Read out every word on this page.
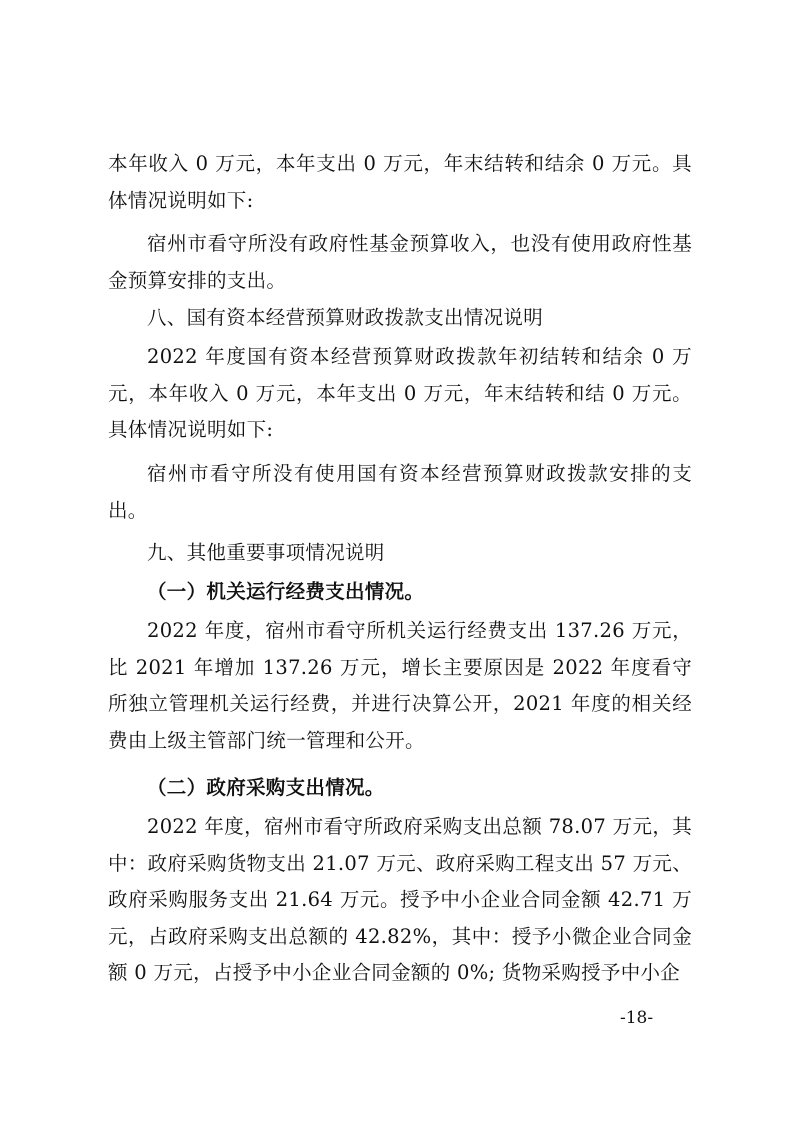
本年收入 0 万元，本年支出 0 万元，年末结转和结余 0 万元。具体情况说明如下:
宿州市看守所没有政府性基金预算收入，也没有使用政府性基金预算安排的支出。
八、国有资本经营预算财政拨款支出情况说明
2022 年度国有资本经营预算财政拨款年初结转和结余 0 万元，本年收入 0 万元，本年支出 0 万元，年末结转和结 0 万元。具体情况说明如下:
宿州市看守所没有使用国有资本经营预算财政拨款安排的支出。
九、其他重要事项情况说明
（一）机关运行经费支出情况。
2022 年度，宿州市看守所机关运行经费支出 137.26 万元，比 2021 年增加 137.26 万元，增长主要原因是 2022 年度看守所独立管理机关运行经费，并进行决算公开，2021 年度的相关经费由上级主管部门统一管理和公开。
（二）政府采购支出情况。
2022 年度，宿州市看守所政府采购支出总额 78.07 万元，其中：政府采购货物支出 21.07 万元、政府采购工程支出 57 万元、政府采购服务支出 21.64 万元。授予中小企业合同金额 42.71 万元，占政府采购支出总额的 42.82%，其中：授予小微企业合同金额 0 万元，占授予中小企业合同金额的 0%; 货物采购授予中小企
-18-
